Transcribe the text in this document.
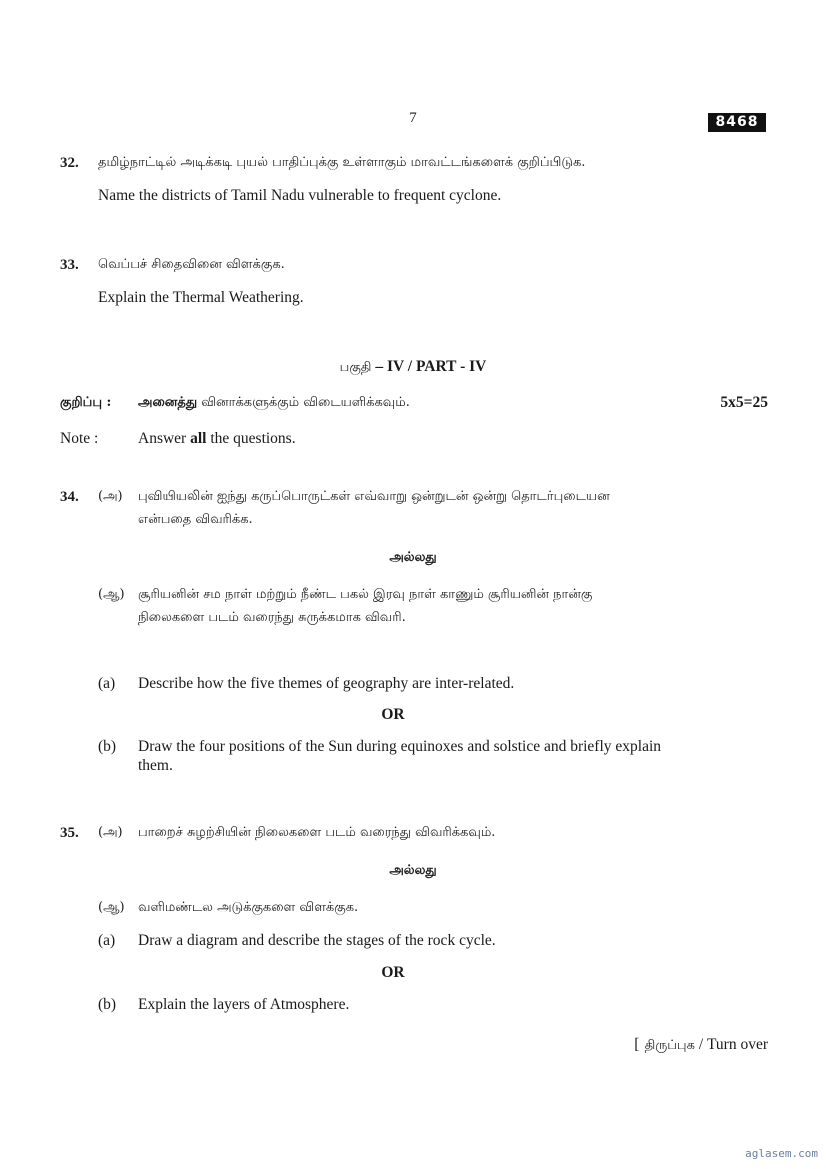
7	8468
32. தமிழ்நாட்டில் அடிக்கடி புயல் பாதிப்புக்கு உள்ளாகும் மாவட்டங்களைக் குறிப்பிடுக.
Name the districts of Tamil Nadu vulnerable to frequent cyclone.
33. வெப்பச் சிதைவினை விளக்குக.
Explain the Thermal Weathering.
பகுதி – IV / PART - IV
குறிப்பு : அனைத்து வினாக்களுக்கும் விடையளிக்கவும்.	5x5=25
Note :	Answer all the questions.
34. (அ) புவியியலின் ஐந்து கருப்பொருட்கள் எவ்வாறு ஒன்றுடன் ஒன்று தொடர்புடையன
என்பதை விவரிக்க.
அல்லது
(ஆ) சூரியனின் சம நாள் மற்றும் நீண்ட பகல் இரவு நாள் காணும் சூரியனின் நான்கு
நிலைகளை படம் வரைந்து சுருக்கமாக விவரி.
(a) Describe how the five themes of geography are inter-related.
OR
(b) Draw the four positions of the Sun during equinoxes and solstice and briefly explain
them.
35. (அ) பாறைச் சுழற்சியின் நிலைகளை படம் வரைந்து விவரிக்கவும்.
அல்லது
(ஆ) வளிமண்டல அடுக்குகளை விளக்குக.
(a) Draw a diagram and describe the stages of the rock cycle.
OR
(b) Explain the layers of Atmosphere.
[ திருப்புக / Turn over
aglasem.com
